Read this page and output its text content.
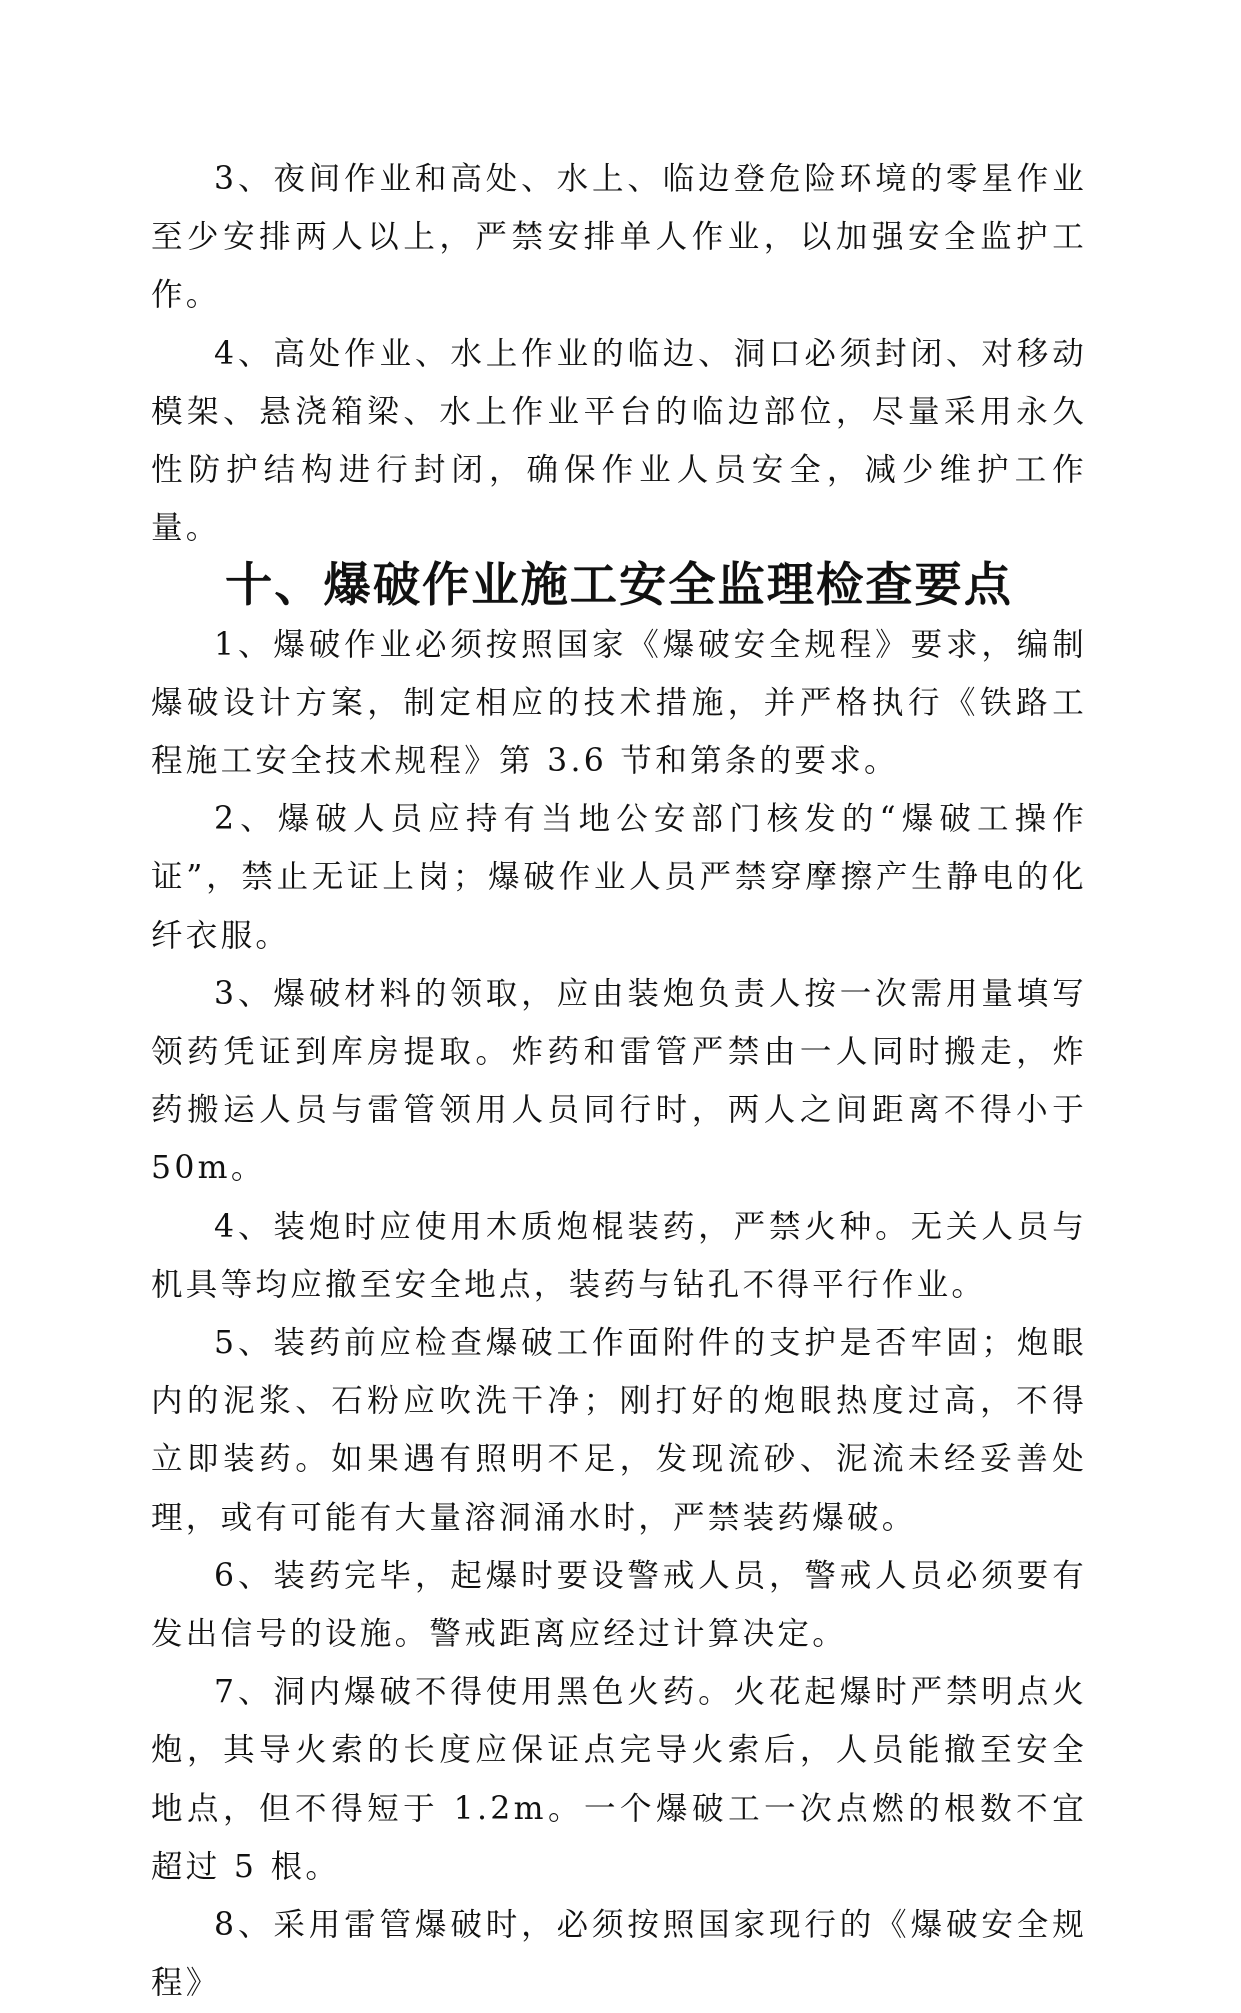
3、夜间作业和高处、水上、临边登危险环境的零星作业至少安排两人以上，严禁安排单人作业，以加强安全监护工作。

4、高处作业、水上作业的临边、洞口必须封闭、对移动模架、悬浇箱梁、水上作业平台的临边部位，尽量采用永久性防护结构进行封闭，确保作业人员安全，减少维护工作量。

十、爆破作业施工安全监理检查要点

1、爆破作业必须按照国家《爆破安全规程》要求，编制爆破设计方案，制定相应的技术措施，并严格执行《铁路工程施工安全技术规程》第 3.6 节和第条的要求。

2、爆破人员应持有当地公安部门核发的“爆破工操作证”，禁止无证上岗；爆破作业人员严禁穿摩擦产生静电的化纤衣服。

3、爆破材料的领取，应由装炮负责人按一次需用量填写领药凭证到库房提取。炸药和雷管严禁由一人同时搬走，炸药搬运人员与雷管领用人员同行时，两人之间距离不得小于 50m。

4、装炮时应使用木质炮棍装药，严禁火种。无关人员与机具等均应撤至安全地点，装药与钻孔不得平行作业。

5、装药前应检查爆破工作面附件的支护是否牢固；炮眼内的泥浆、石粉应吹洗干净；刚打好的炮眼热度过高，不得立即装药。如果遇有照明不足，发现流砂、泥流未经妥善处理，或有可能有大量溶洞涌水时，严禁装药爆破。

6、装药完毕，起爆时要设警戒人员，警戒人员必须要有发出信号的设施。警戒距离应经过计算决定。

7、洞内爆破不得使用黑色火药。火花起爆时严禁明点火炮，其导火索的长度应保证点完导火索后，人员能撤至安全地点，但不得短于 1.2m。一个爆破工一次点燃的根数不宜超过 5 根。

8、采用雷管爆破时，必须按照国家现行的《爆破安全规程》
